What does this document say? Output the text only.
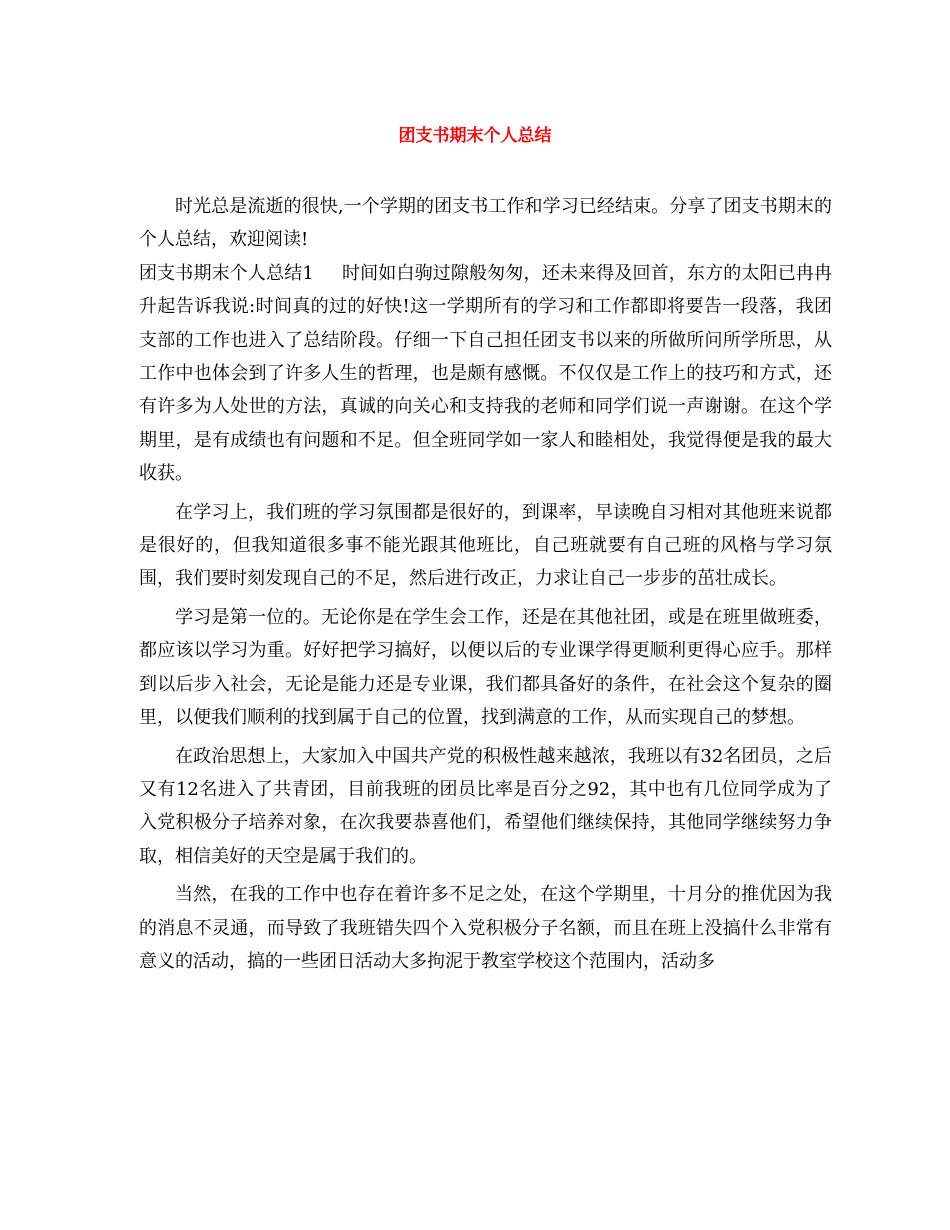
团支书期末个人总结

时光总是流逝的很快,一个学期的团支书工作和学习已经结束。分享了团支书期末的个人总结，欢迎阅读!

团支书期末个人总结1 时间如白驹过隙般匆匆，还未来得及回首，东方的太阳已冉冉升起告诉我说:时间真的过的好快!这一学期所有的学习和工作都即将要告一段落，我团支部的工作也进入了总结阶段。仔细一下自己担任团支书以来的所做所问所学所思，从工作中也体会到了许多人生的哲理，也是颇有感慨。不仅仅是工作上的技巧和方式，还有许多为人处世的方法，真诚的向关心和支持我的老师和同学们说一声谢谢。在这个学期里，是有成绩也有问题和不足。但全班同学如一家人和睦相处，我觉得便是我的最大收获。

在学习上，我们班的学习氛围都是很好的，到课率，早读晚自习相对其他班来说都是很好的，但我知道很多事不能光跟其他班比，自己班就要有自己班的风格与学习氛围，我们要时刻发现自己的不足，然后进行改正，力求让自己一步步的茁壮成长。

学习是第一位的。无论你是在学生会工作，还是在其他社团，或是在班里做班委，都应该以学习为重。好好把学习搞好，以便以后的专业课学得更顺利更得心应手。那样到以后步入社会，无论是能力还是专业课，我们都具备好的条件，在社会这个复杂的圈里，以便我们顺利的找到属于自己的位置，找到满意的工作，从而实现自己的梦想。

在政治思想上，大家加入中国共产党的积极性越来越浓，我班以有32名团员，之后又有12名进入了共青团，目前我班的团员比率是百分之92，其中也有几位同学成为了入党积极分子培养对象，在次我要恭喜他们，希望他们继续保持，其他同学继续努力争取，相信美好的天空是属于我们的。

当然，在我的工作中也存在着许多不足之处，在这个学期里，十月分的推优因为我的消息不灵通，而导致了我班错失四个入党积极分子名额，而且在班上没搞什么非常有意义的活动，搞的一些团日活动大多拘泥于教室学校这个范围内，活动多
